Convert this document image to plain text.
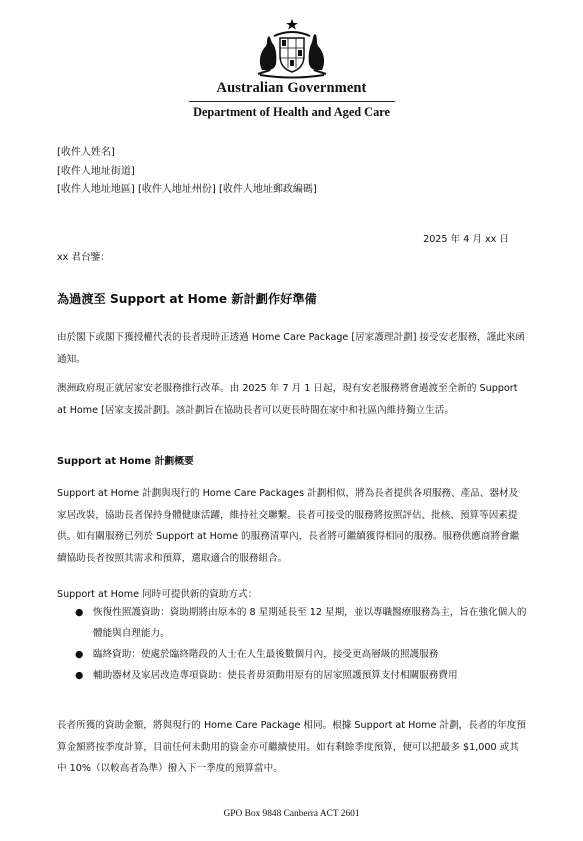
Australian Government
Department of Health and Aged Care
[收件人姓名]
[收件人地址街道]
[收件人地址地區] [收件人地址州份] [收件人地址郵政編碼]
2025 年 4 月 xx 日
xx 君台鑒：
為過渡至 Support at Home 新計劃作好準備
由於閣下或閣下獲授權代表的長者現時正透過 Home Care Package [居家護理計劃] 接受安老服務，謹此來函通知。
澳洲政府現正就居家安老服務推行改革。由 2025 年 7 月 1 日起，現有安老服務將會過渡至全新的 Support at Home [居家支援計劃]。該計劃旨在協助長者可以更長時間在家中和社區內維持獨立生活。
Support at Home 計劃概要
Support at Home 計劃與現行的 Home Care Packages 計劃相似，將為長者提供各項服務、產品、器材及家居改裝，協助長者保持身體健康活躍，維持社交聯繫。長者可接受的服務將按照評估、批核、預算等因素提供。如有關服務已列於 Support at Home 的服務清單內，長者將可繼續獲得相同的服務。服務供應商將會繼續協助長者按照其需求和預算，選取適合的服務組合。
Support at Home 同時可提供新的資助方式：
● 恢復性照護資助：資助期將由原本的 8 星期延長至 12 星期，並以專職醫療服務為主，旨在強化個人的體能與自理能力。
● 臨終資助：使處於臨終階段的人士在人生最後數個月內，接受更高層級的照護服務
● 輔助器材及家居改造專項資助：使長者毋須動用原有的居家照護預算支付相關服務費用
長者所獲的資助金額，將與現行的 Home Care Package 相同。根據 Support at Home 計劃，長者的年度預算金額將按季度計算，目前任何未動用的資金亦可繼續使用。如有剩餘季度預算，便可以把最多 $1,000 或其中 10%（以較高者為準）撥入下一季度的預算當中。
GPO Box 9848 Canberra ACT 2601
